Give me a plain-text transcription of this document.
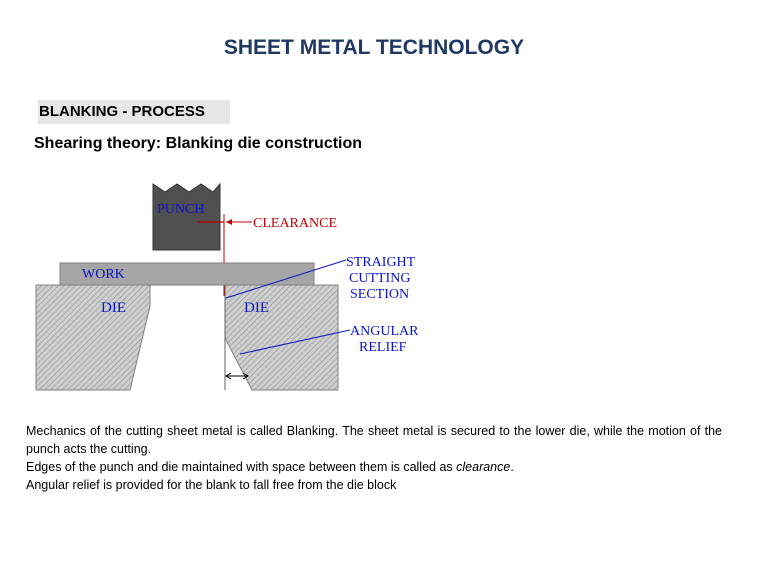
SHEET METAL TECHNOLOGY
BLANKING - PROCESS
Shearing theory: Blanking die construction
PUNCH
CLEARANCE
WORK
DIE	DIE
STRAIGHT
CUTTING
SECTION
ANGULAR
RELIEF

Mechanics of the cutting sheet metal is called Blanking. The sheet metal is secured to the lower die, while the motion of the punch acts the cutting.

Edges of the punch and die maintained with space between them is called as clearance.

Angular relief is provided for the blank to fall free from the die block
